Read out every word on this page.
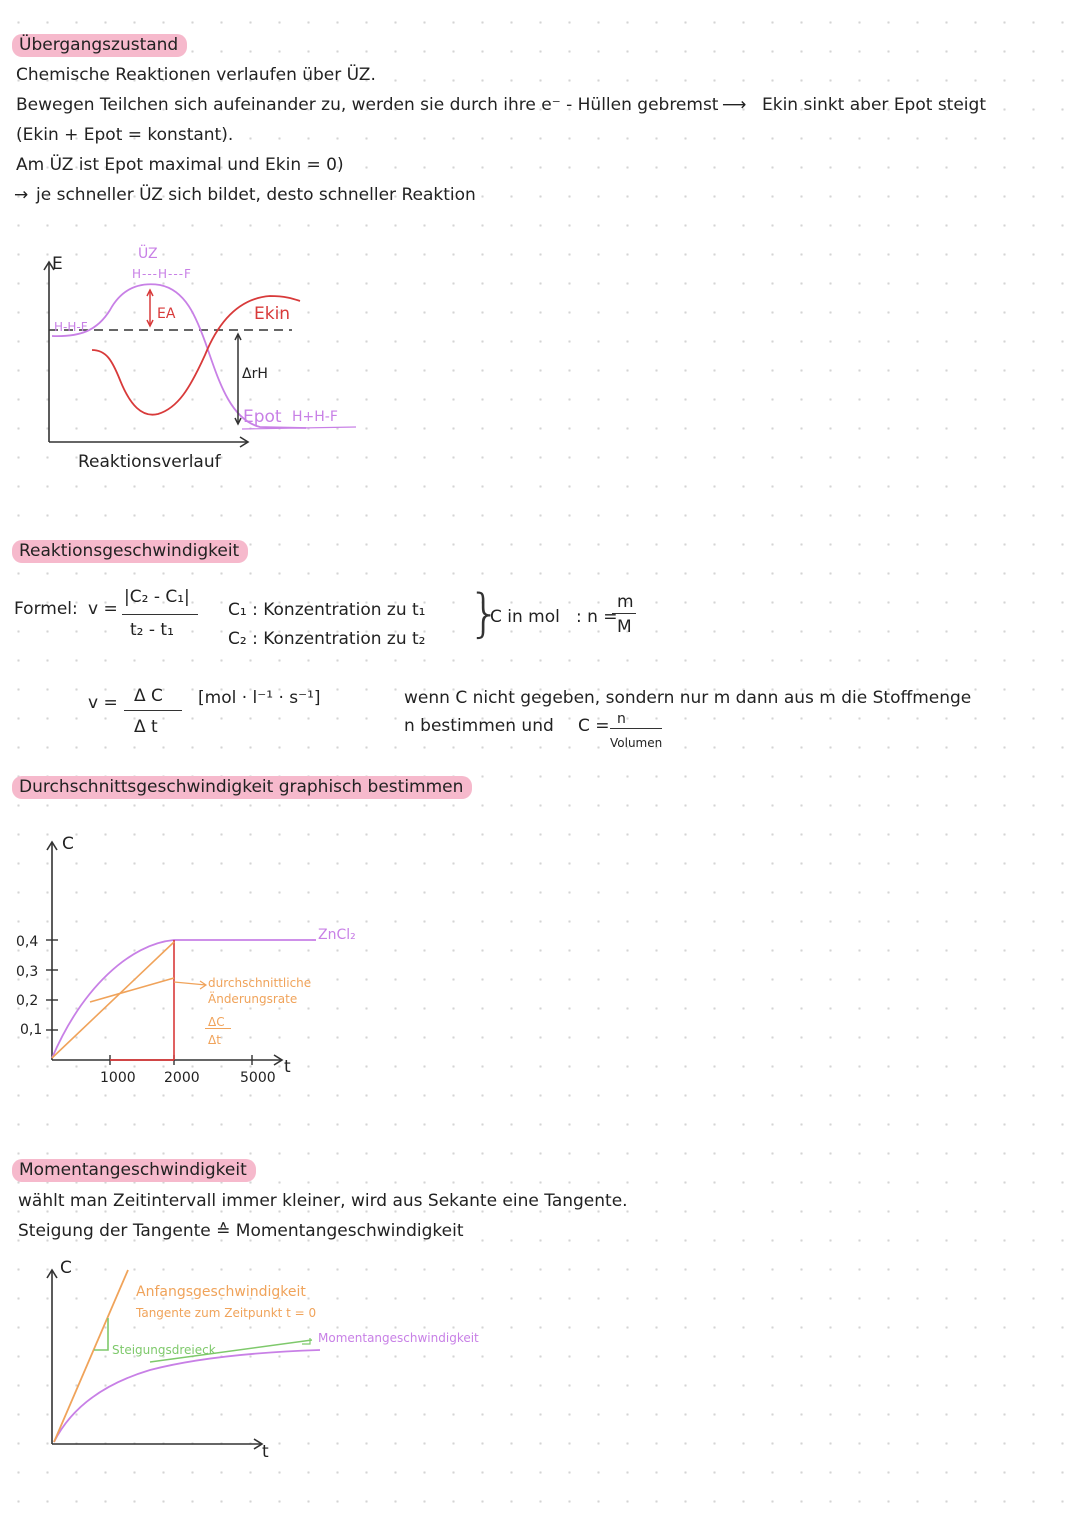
Übergangszustand
Chemische Reaktionen verlaufen über ÜZ.
Bewegen Teilchen sich aufeinander zu, werden sie durch ihre e⁻ - Hüllen gebremst ⟶ Ekin sinkt aber Epot steigt
(Ekin + Epot = konstant).
Am ÜZ ist Epot maximal und Ekin = 0)
→ je schneller ÜZ sich bildet, desto schneller Reaktion
E	ÜZ
H---H---F
H-H-F
EA	Ekin
ΔrH
Epot H+H-F
Reaktionsverlauf
Reaktionsgeschwindigkeit
Formel: v =
|C₂ - C₁|
t₂ - t₁
C₁ : Konzentration zu t₁
C₂ : Konzentration zu t₂ }
C in mol : n =
m
M
v = Δ C
Δ t
[mol · l⁻¹ · s⁻¹]	wenn C nicht gegeben, sondern nur m dann aus m die Stoffmenge
n bestimmen und C = n
Volumen
Durchschnittsgeschwindigkeit graphisch bestimmen
C
t
0,4
0,3
0,2
0,1
1000 2000	5000
ZnCl₂
durchschnittliche Änderungsrate
ΔC
Δt
Momentangeschwindigkeit
wählt man Zeitintervall immer kleiner, wird aus Sekante eine Tangente.
Steigung der Tangente ≙ Momentangeschwindigkeit
C
t
Anfangsgeschwindigkeit
Tangente zum Zeitpunkt t = 0
Steigungsdreieck
Momentangeschwindigkeit
